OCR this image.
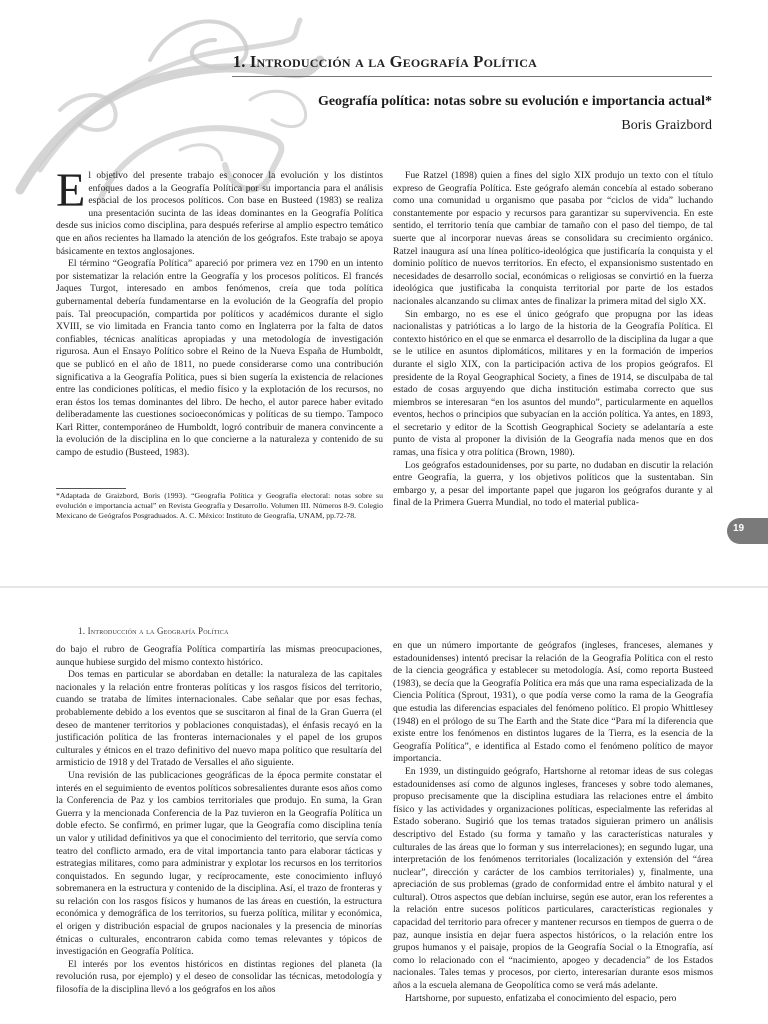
1. Introducción a la Geografía Política
Geografía política: notas sobre su evolución e importancia actual*
Boris Graizbord

El objetivo del presente trabajo es conocer la evolución y los distintos enfoques dados a la Geografía Política por su importancia para el análisis espacial de los procesos políticos. Con base en Busteed (1983) se realiza una presentación sucinta de las ideas dominantes en la Geografía Política desde sus inicios como disciplina, para después referirse al amplio espectro temático que en años recientes ha llamado la atención de los geógrafos. Este trabajo se apoya básicamente en textos anglosajones.

El término “Geografía Política” apareció por primera vez en 1790 en un intento por sistematizar la relación entre la Geografía y los procesos políticos. El francés Jaques Turgot, interesado en ambos fenómenos, creía que toda política gubernamental debería fundamentarse en la evolución de la Geografía del propio país. Tal preocupación, compartida por políticos y académicos durante el siglo XVIII, se vio limitada en Francia tanto como en Inglaterra por la falta de datos confiables, técnicas analíticas apropiadas y una metodología de investigación rigurosa. Aun el Ensayo Político sobre el Reino de la Nueva España de Humboldt, que se publicó en el año de 1811, no puede considerarse como una contribución significativa a la Geografía Política, pues si bien sugería la existencia de relaciones entre las condiciones políticas, el medio físico y la explotación de los recursos, no eran éstos los temas dominantes del libro. De hecho, el autor parece haber evitado deliberadamente las cuestiones socioeconómicas y políticas de su tiempo. Tampoco Karl Ritter, contemporáneo de Humboldt, logró contribuir de manera convincente a la evolución de la disciplina en lo que concierne a la naturaleza y contenido de su campo de estudio (Busteed, 1983).

*Adaptada de Graizbord, Boris (1993). “Geografía Política y Geografía electoral: notas sobre su evolución e importancia actual” en Revista Geografía y Desarrollo. Volumen III. Números 8-9. Colegio Mexicano de Geógrafos Posgraduados. A. C. México: Instituto de Geografía, UNAM, pp.72-78.

Fue Ratzel (1898) quien a fines del siglo XIX produjo un texto con el título expreso de Geografía Política. Este geógrafo alemán concebía al estado soberano como una comunidad u organismo que pasaba por “ciclos de vida” luchando constantemente por espacio y recursos para garantizar su supervivencia. En este sentido, el territorio tenía que cambiar de tamaño con el paso del tiempo, de tal suerte que al incorporar nuevas áreas se consolidara su crecimiento orgánico. Ratzel inaugura así una línea político-ideológica que justificaría la conquista y el dominio político de nuevos territorios. En efecto, el expansionismo sustentado en necesidades de desarrollo social, económicas o religiosas se convirtió en la fuerza ideológica que justificaba la conquista territorial por parte de los estados nacionales alcanzando su climax antes de finalizar la primera mitad del siglo XX.

Sin embargo, no es ese el único geógrafo que propugna por las ideas nacionalistas y patrióticas a lo largo de la historia de la Geografía Política. El contexto histórico en el que se enmarca el desarrollo de la disciplina da lugar a que se le utilice en asuntos diplomáticos, militares y en la formación de imperios durante el siglo XIX, con la participación activa de los propios geógrafos. El presidente de la Royal Geographical Society, a fines de 1914, se disculpaba de tal estado de cosas arguyendo que dicha institución estimaba correcto que sus miembros se interesaran “en los asuntos del mundo”, particularmente en aquellos eventos, hechos o principios que subyacían en la acción política. Ya antes, en 1893, el secretario y editor de la Scottish Geographical Society se adelantaría a este punto de vista al proponer la división de la Geografía nada menos que en dos ramas, una física y otra política (Brown, 1980).

Los geógrafos estadounidenses, por su parte, no dudaban en discutir la relación entre Geografía, la guerra, y los objetivos políticos que la sustentaban. Sin embargo y, a pesar del importante papel que jugaron los geógrafos durante y al final de la Primera Guerra Mundial, no todo el material publica-

19
1. Introducción a la Geografía Política

do bajo el rubro de Geografía Política compartiría las mismas preocupaciones, aunque hubiese surgido del mismo contexto histórico.

Dos temas en particular se abordaban en detalle: la naturaleza de las capitales nacionales y la relación entre fronteras políticas y los rasgos físicos del territorio, cuando se trataba de límites internacionales. Cabe señalar que por esas fechas, probablemente debido a los eventos que se suscitaron al final de la Gran Guerra (el deseo de mantener territorios y poblaciones conquistadas), el énfasis recayó en la justificación política de las fronteras internacionales y el papel de los grupos culturales y étnicos en el trazo definitivo del nuevo mapa político que resultaría del armisticio de 1918 y del Tratado de Versalles el año siguiente.

Una revisión de las publicaciones geográficas de la época permite constatar el interés en el seguimiento de eventos políticos sobresalientes durante esos años como la Conferencia de Paz y los cambios territoriales que produjo. En suma, la Gran Guerra y la mencionada Conferencia de la Paz tuvieron en la Geografía Política un doble efecto. Se confirmó, en primer lugar, que la Geografía como disciplina tenía un valor y utilidad definitivos ya que el conocimiento del territorio, que servía como teatro del conflicto armado, era de vital importancia tanto para elaborar tácticas y estrategias militares, como para administrar y explotar los recursos en los territorios conquistados. En segundo lugar, y recíprocamente, este conocimiento influyó sobremanera en la estructura y contenido de la disciplina. Así, el trazo de fronteras y su relación con los rasgos físicos y humanos de las áreas en cuestión, la estructura económica y demográfica de los territorios, su fuerza política, militar y económica, el origen y distribución espacial de grupos nacionales y la presencia de minorías étnicas o culturales, encontraron cabida como temas relevantes y tópicos de investigación en Geografía Política.

El interés por los eventos históricos en distintas regiones del planeta (la revolución rusa, por ejemplo) y el deseo de consolidar las técnicas, metodología y filosofía de la disciplina llevó a los geógrafos en los años

en que un número importante de geógrafos (ingleses, franceses, alemanes y estadounidenses) intentó precisar la relación de la Geografía Política con el resto de la ciencia geográfica y establecer su metodología. Así, como reporta Busteed (1983), se decía que la Geografía Política era más que una rama especializada de la Ciencia Política (Sprout, 1931), o que podía verse como la rama de la Geografía que estudia las diferencias espaciales del fenómeno político. El propio Whittlesey (1948) en el prólogo de su The Earth and the State dice “Para mí la diferencia que existe entre los fenómenos en distintos lugares de la Tierra, es la esencia de la Geografía Política”, e identifica al Estado como el fenómeno político de mayor importancia.

En 1939, un distinguido geógrafo, Hartshorne al retomar ideas de sus colegas estadounidenses así como de algunos ingleses, franceses y sobre todo alemanes, propuso precisamente que la disciplina estudiara las relaciones entre el ámbito físico y las actividades y organizaciones políticas, especialmente las referidas al Estado soberano. Sugirió que los temas tratados siguieran primero un análisis descriptivo del Estado (su forma y tamaño y las características naturales y culturales de las áreas que lo forman y sus interrelaciones); en segundo lugar, una interpretación de los fenómenos territoriales (localización y extensión del “área nuclear”, dirección y carácter de los cambios territoriales) y, finalmente, una apreciación de sus problemas (grado de conformidad entre el ámbito natural y el cultural). Otros aspectos que debían incluirse, según ese autor, eran los referentes a la relación entre sucesos políticos particulares, características regionales y capacidad del territorio para ofrecer y mantener recursos en tiempos de guerra o de paz, aunque insistía en dejar fuera aspectos históricos, o la relación entre los grupos humanos y el paisaje, propios de la Geografía Social o la Etnografía, así como lo relacionado con el “nacimiento, apogeo y decadencia” de los Estados nacionales. Tales temas y procesos, por cierto, interesarían durante esos mismos años a la escuela alemana de Geopolítica como se verá más adelante.

Hartshorne, por supuesto, enfatizaba el conocimiento del espacio, pero
